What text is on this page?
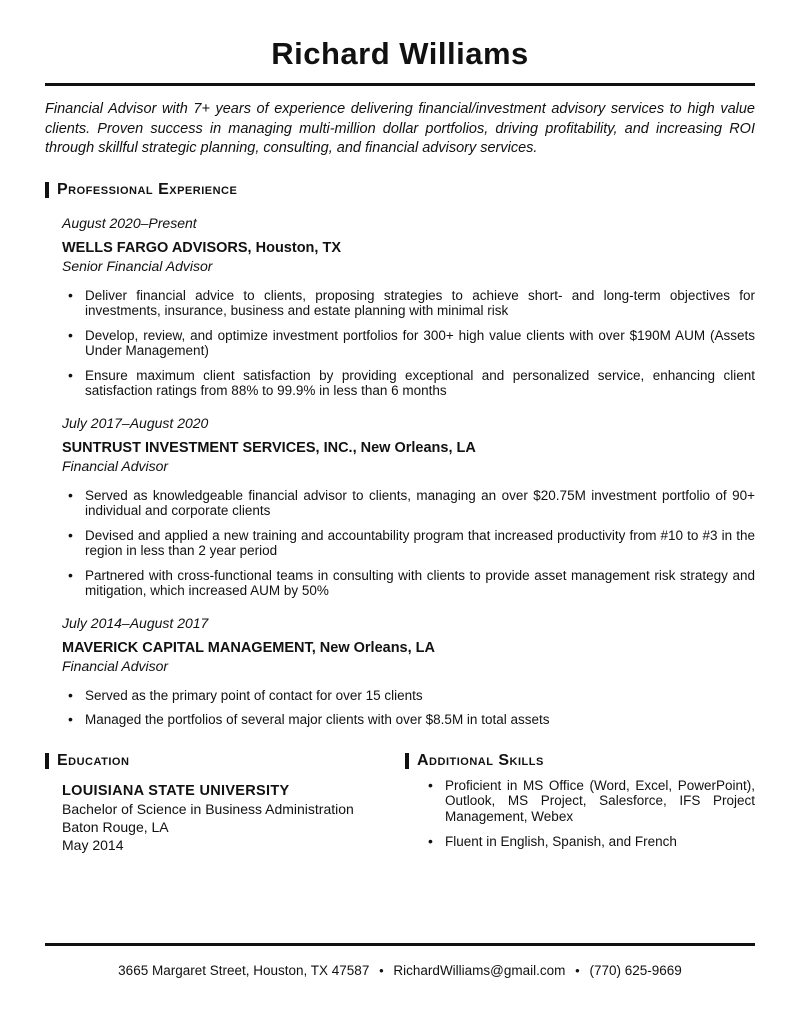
Richard Williams

Financial Advisor with 7+ years of experience delivering financial/investment advisory services to high value clients. Proven success in managing multi-million dollar portfolios, driving profitability, and increasing ROI through skillful strategic planning, consulting, and financial advisory services.

Professional Experience

August 2020–Present

WELLS FARGO ADVISORS, Houston, TX

Senior Financial Advisor

• Deliver financial advice to clients, proposing strategies to achieve short- and long-term objectives for investments, insurance, business and estate planning with minimal risk
• Develop, review, and optimize investment portfolios for 300+ high value clients with over $190M AUM (Assets Under Management)
• Ensure maximum client satisfaction by providing exceptional and personalized service, enhancing client satisfaction ratings from 88% to 99.9% in less than 6 months

July 2017–August 2020

SUNTRUST INVESTMENT SERVICES, INC., New Orleans, LA

Financial Advisor

• Served as knowledgeable financial advisor to clients, managing an over $20.75M investment portfolio of 90+ individual and corporate clients
• Devised and applied a new training and accountability program that increased productivity from #10 to #3 in the region in less than 2 year period
• Partnered with cross-functional teams in consulting with clients to provide asset management risk strategy and mitigation, which increased AUM by 50%

July 2014–August 2017

MAVERICK CAPITAL MANAGEMENT, New Orleans, LA

Financial Advisor

• Served as the primary point of contact for over 15 clients
• Managed the portfolios of several major clients with over $8.5M in total assets
Education

LOUISIANA STATE UNIVERSITY

Bachelor of Science in Business Administration

Baton Rouge, LA

May 2014

Additional Skills
• Proficient in MS Office (Word, Excel, PowerPoint), Outlook, MS Project, Salesforce, IFS Project Management, Webex
• Fluent in English, Spanish, and French

3665 Margaret Street, Houston, TX 47587 • RichardWilliams@gmail.com • (770) 625-9669
